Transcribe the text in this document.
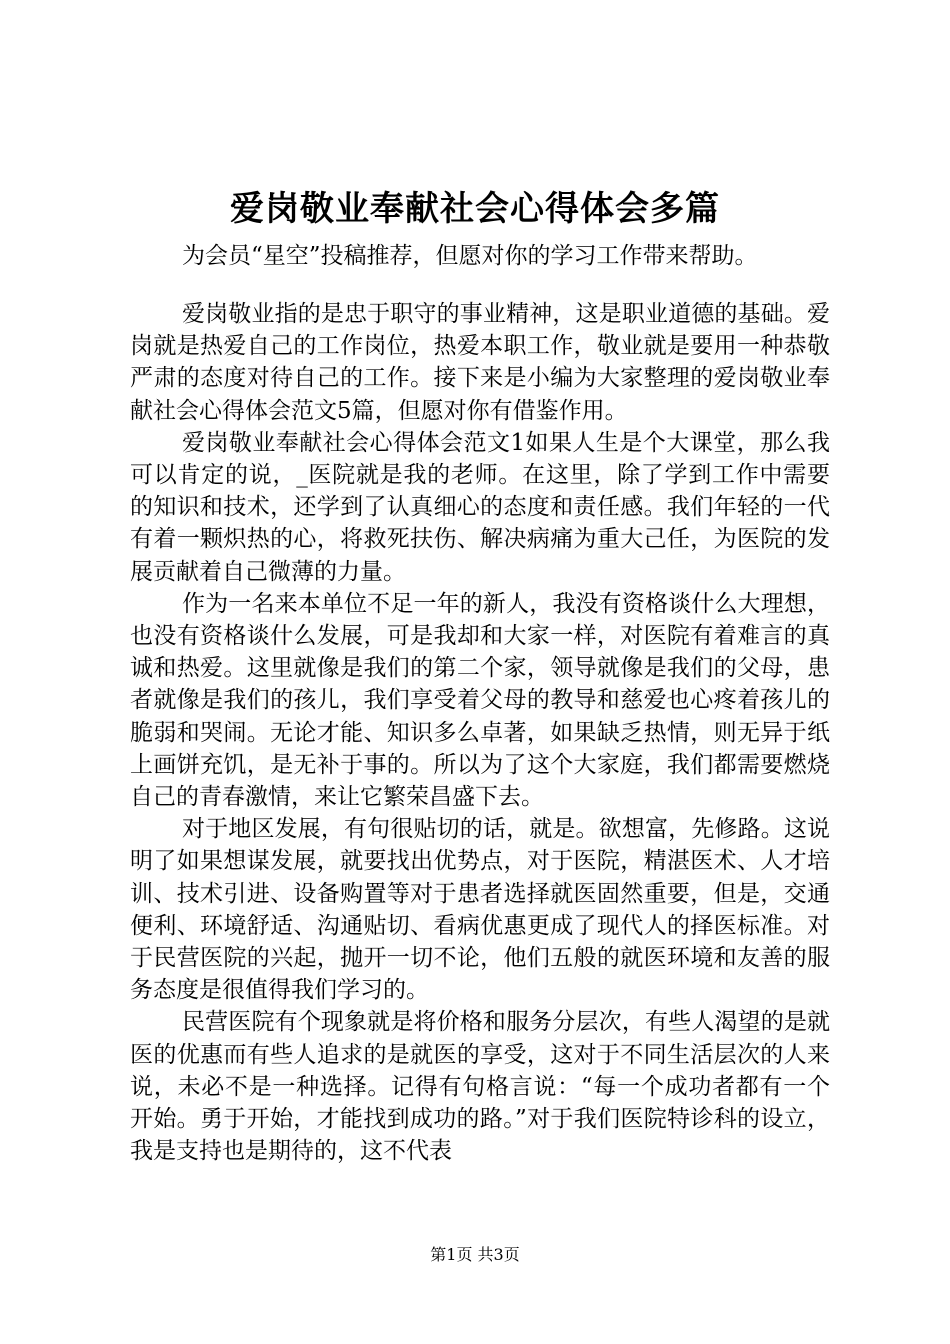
爱岗敬业奉献社会心得体会多篇
为会员“星空”投稿推荐，但愿对你的学习工作带来帮助。

爱岗敬业指的是忠于职守的事业精神，这是职业道德的基础。爱岗就是热爱自己的工作岗位，热爱本职工作，敬业就是要用一种恭敬严肃的态度对待自己的工作。接下来是小编为大家整理的爱岗敬业奉献社会心得体会范文5篇，但愿对你有借鉴作用。

爱岗敬业奉献社会心得体会范文1如果人生是个大课堂，那么我可以肯定的说，_医院就是我的老师。在这里，除了学到工作中需要的知识和技术，还学到了认真细心的态度和责任感。我们年轻的一代有着一颗炽热的心，将救死扶伤、解决病痛为重大己任，为医院的发展贡献着自己微薄的力量。

作为一名来本单位不足一年的新人，我没有资格谈什么大理想，也没有资格谈什么发展，可是我却和大家一样，对医院有着难言的真诚和热爱。这里就像是我们的第二个家，领导就像是我们的父母，患者就像是我们的孩儿，我们享受着父母的教导和慈爱也心疼着孩儿的脆弱和哭闹。无论才能、知识多么卓著，如果缺乏热情，则无异于纸上画饼充饥，是无补于事的。所以为了这个大家庭，我们都需要燃烧自己的青春激情，来让它繁荣昌盛下去。

对于地区发展，有句很贴切的话，就是。欲想富，先修路。这说明了如果想谋发展，就要找出优势点，对于医院，精湛医术、人才培训、技术引进、设备购置等对于患者选择就医固然重要，但是，交通便利、环境舒适、沟通贴切、看病优惠更成了现代人的择医标准。对于民营医院的兴起，抛开一切不论，他们五般的就医环境和友善的服务态度是很值得我们学习的。

民营医院有个现象就是将价格和服务分层次，有些人渴望的是就医的优惠而有些人追求的是就医的享受，这对于不同生活层次的人来说，未必不是一种选择。记得有句格言说：“每一个成功者都有一个开始。勇于开始，才能找到成功的路。”对于我们医院特诊科的设立，我是支持也是期待的，这不代表

第1页 共3页
